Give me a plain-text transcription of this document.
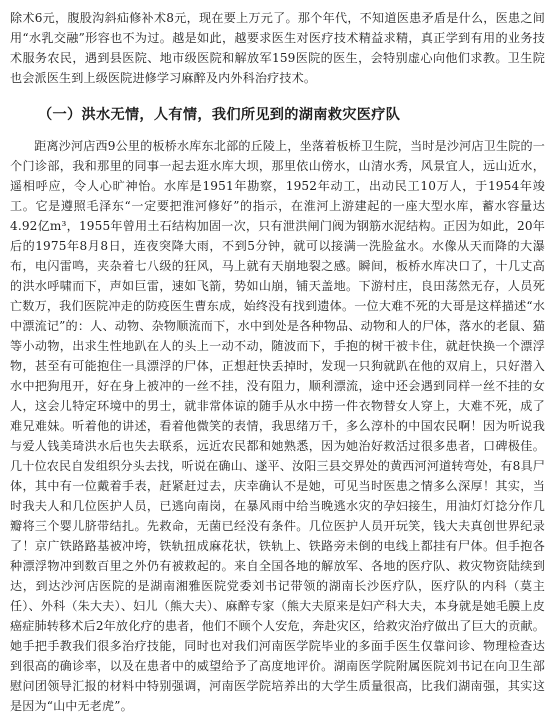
除术6元，腹股沟斜疝修补术8元，现在要上万元了。那个年代，不知道医患矛盾是什么，医患之间用“水乳交融”形容也不为过。越是如此，越要求医生对医疗技术精益求精，真正学到有用的业务技术服务农民，遇到县医院、地市级医院和解放军159医院的医生，会特别虚心向他们求教。卫生院也会派医生到上级医院进修学习麻醉及内外科治疗技术。

（一）洪水无情，人有情，我们所见到的湖南救灾医疗队

距离沙河店西9公里的板桥水库东北部的丘陵上，坐落着板桥卫生院，当时是沙河店卫生院的一个门诊部，我和那里的同事一起去逛水库大坝，那里依山傍水，山清水秀，风景宜人，远山近水，遥相呼应，令人心旷神怡。水库是1951年勘察，1952年动工，出动民工10万人，于1954年竣工。它是遵照毛泽东“一定要把淮河修好”的指示，在淮河上游建起的一座大型水库，蓄水容量达4.92亿m³，1955年曾用土石结构加固一次，只有泄洪闸门阀为钢筋水泥结构。正因为如此，20年后的1975年8月8日，连夜突降大雨，不到5分钟，就可以接满一洗脸盆水。水像从天而降的大瀑布，电闪雷鸣，夹杂着七八级的狂风，马上就有天崩地裂之感。瞬间，板桥水库决口了，十几丈高的洪水呼啸而下，声如巨雷，速如飞箭，势如山崩，铺天盖地。下游村庄，良田荡然无存，人员死亡数万，我们医院冲走的防疫医生曹东成，始终没有找到遗体。一位大难不死的大哥是这样描述“水中漂流记”的：人、动物、杂物顺流而下，水中到处是各种物品、动物和人的尸体，落水的老鼠、猫等小动物，出求生性地趴在人的头上一动不动，随波而下，手抱的树干被卡住，就赶快换一个漂浮物，甚至有可能抱住一具漂浮的尸体，正想赶快丢掉时，发现一只狗就趴在他的双肩上，只好潜入水中把狗甩开，好在身上被冲的一丝不挂，没有阻力，顺利漂流，途中还会遇到同样一丝不挂的女人，这会儿特定环境中的男士，就非常体谅的随手从水中捞一件衣物替女人穿上，大难不死，成了难兄难妹。听着他的讲述，看着他微笑的表情，我思绪万千，多么淳朴的中国农民啊！因为听说我与爱人钱美琦洪水后也失去联系，远近农民都和她熟悉，因为她治好救活过很多患者，口碑极佳。几十位农民自发组织分头去找，听说在确山、遂平、汝阳三县交界处的黄西河河道转弯处，有8具尸体，其中有一位戴着手表，赶紧赶过去，庆幸确认不是她，可见当时医患之情多么深厚！其实，当时我夫人和几位医护人员，已逃向南岗，在暴风雨中给当晚逃水灾的孕妇接生，用油灯灯捻分作几瓣将三个婴儿脐带结扎。先救命，无菌已经没有条件。几位医护人员开玩笑，钱大夫真创世界纪录了！京广铁路路基被冲垮，铁轨扭成麻花状，铁轨上、铁路旁未倒的电线上都挂有尸体。但手抱各种漂浮物冲到数百里之外仍有被救起的。来自全国各地的解放军、各地的医疗队、救灾物资陆续到达，到达沙河店医院的是湖南湘雅医院党委刘书记带领的湖南长沙医疗队，医疗队的内科（莫主任）、外科（朱大夫）、妇儿（熊大夫）、麻醉专家（熊大夫原来是妇产科大夫，本身就是她毛膜上皮癌症肺转移术后2年放化疗的患者，他们不顾个人安危，奔赴灾区，给救灾治疗做出了巨大的贡献。她手把手教我们很多治疗技能，同时也对我们河南医学院毕业的多面手医生仅靠问诊、物理检查达到很高的确诊率，以及在患者中的威望给予了高度地评价。湖南医学院附属医院刘书记在向卫生部慰问团领导汇报的材料中特别强调，河南医学院培养出的大学生质量很高，比我们湖南强，其实这是因为“山中无老虎”。
